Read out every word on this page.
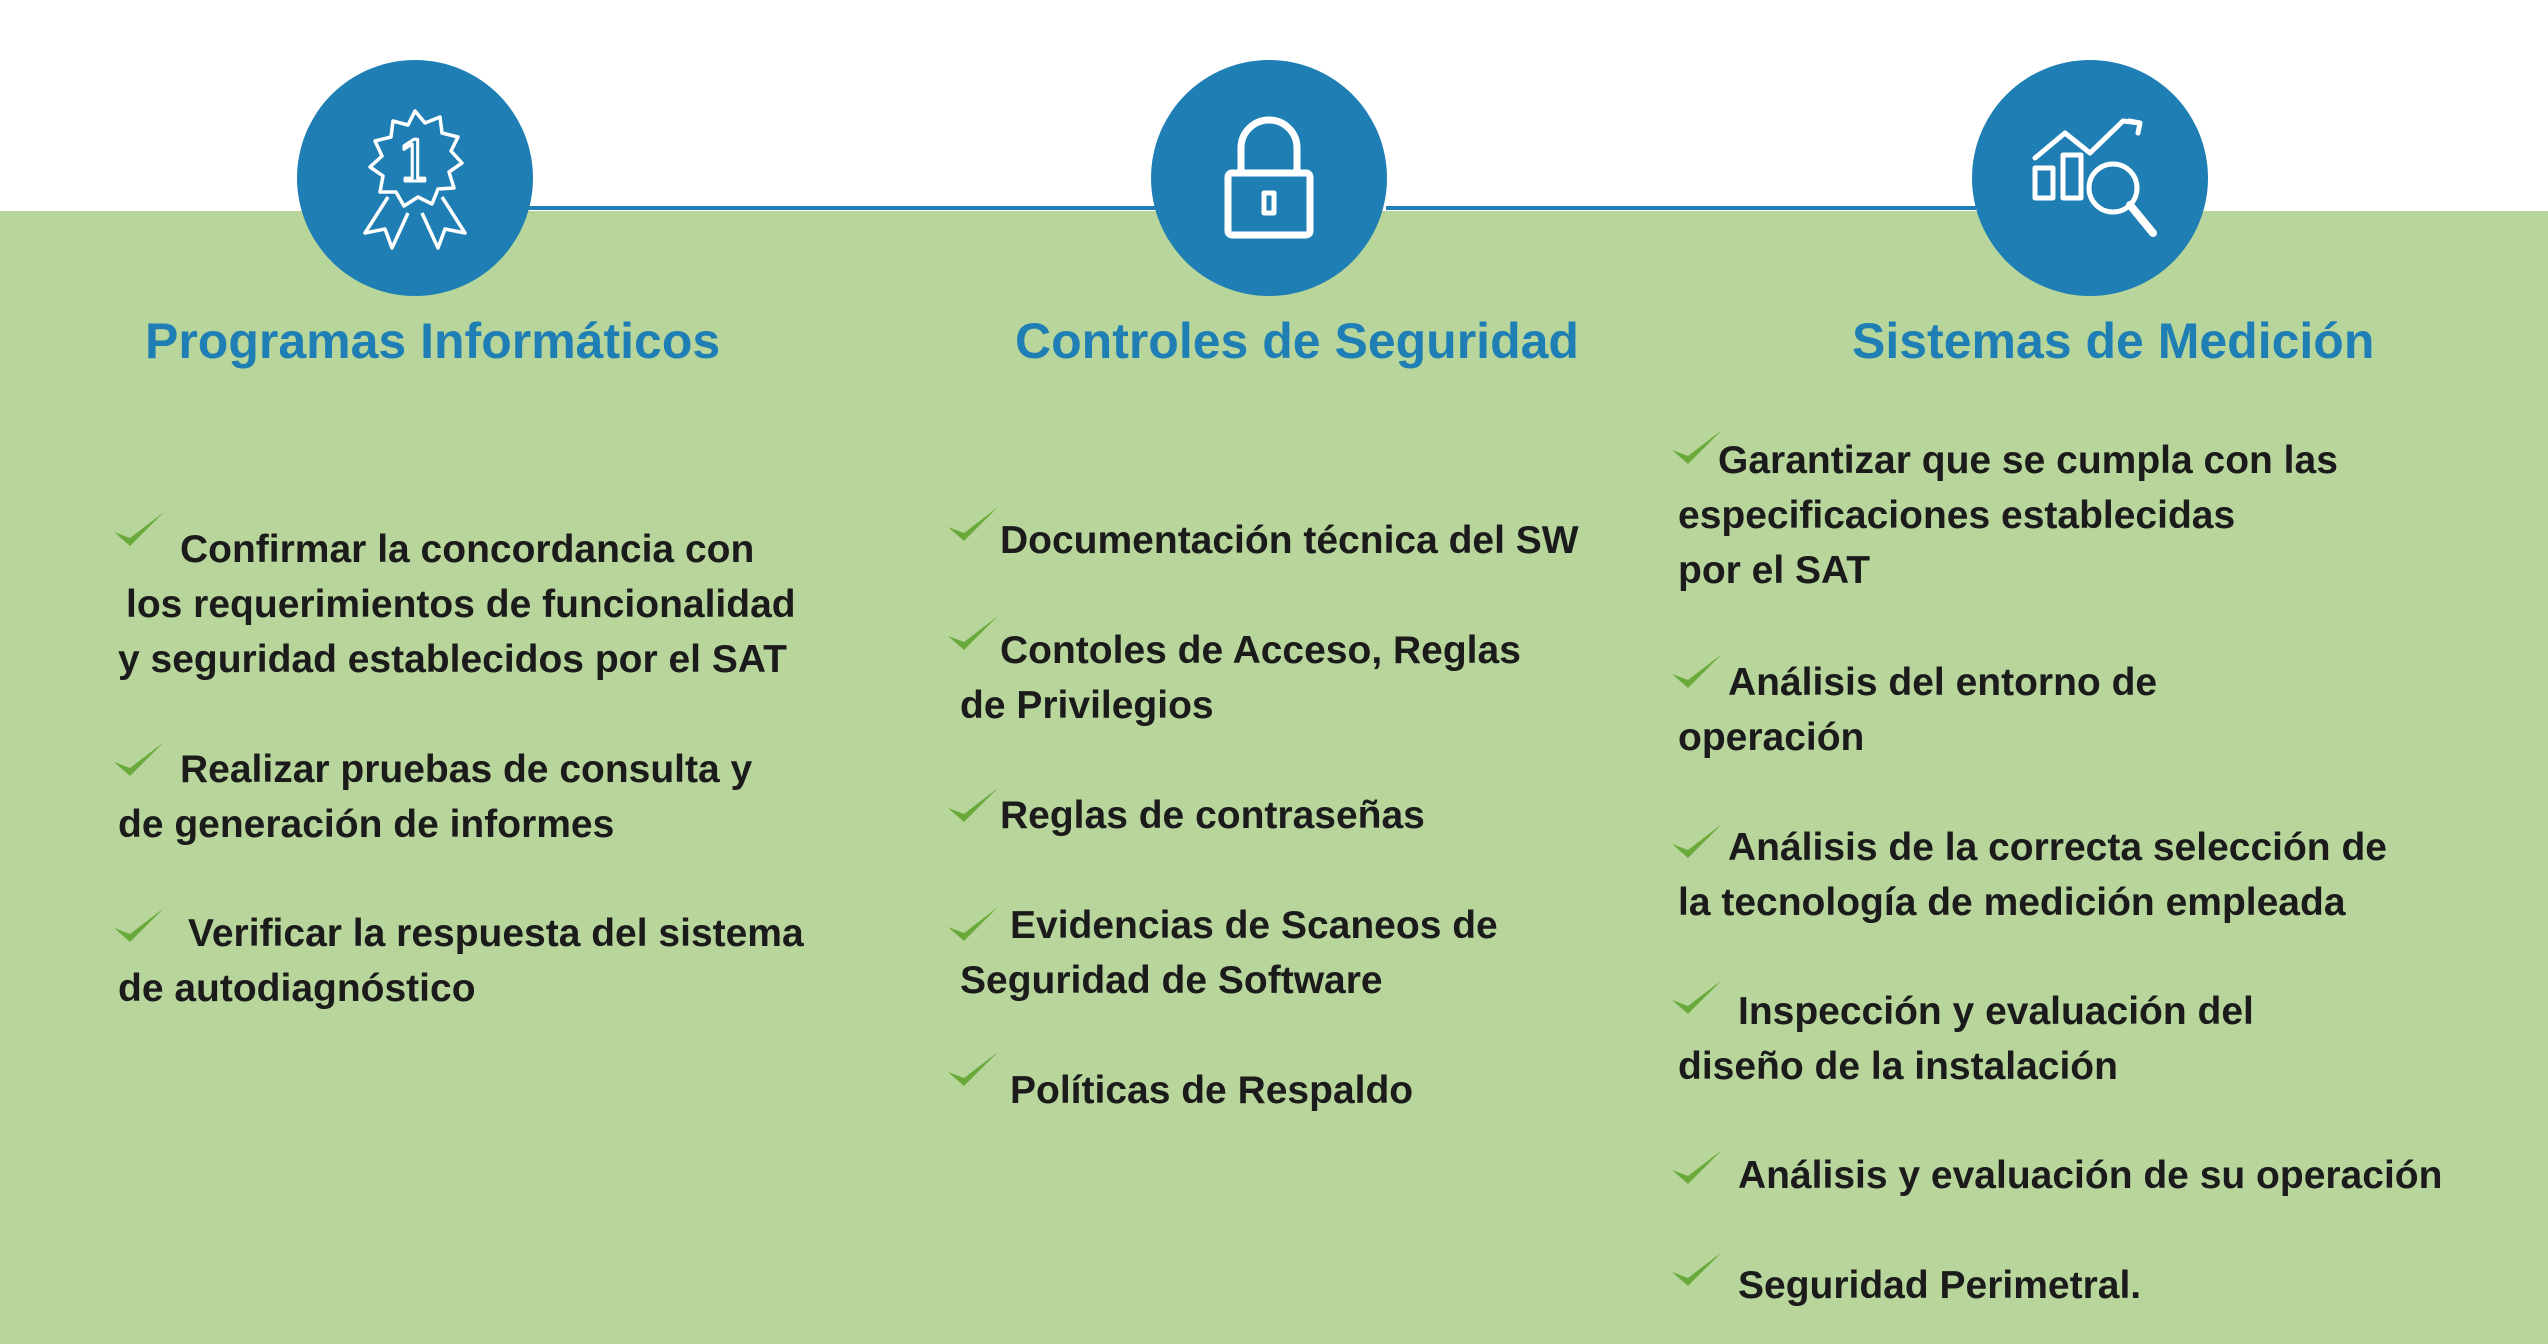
1
Programas Informáticos	Controles de Seguridad	Sistemas de Medición
Confirmar la concordancia con
los requerimientos de funcionalidad
y seguridad establecidos por el SAT
Realizar pruebas de consulta y
de generación de informes
Verificar la respuesta del sistema
de autodiagnóstico
Documentación técnica del SW
Contoles de Acceso, Reglas
de Privilegios
Reglas de contraseñas
Evidencias de Scaneos de
Seguridad de Software
Políticas de Respaldo
Garantizar que se cumpla con las
especificaciones establecidas
por el SAT
Análisis del entorno de
operación
Análisis de la correcta selección de
la tecnología de medición empleada
Inspección y evaluación del
diseño de la instalación
Análisis y evaluación de su operación
Seguridad Perimetral.
